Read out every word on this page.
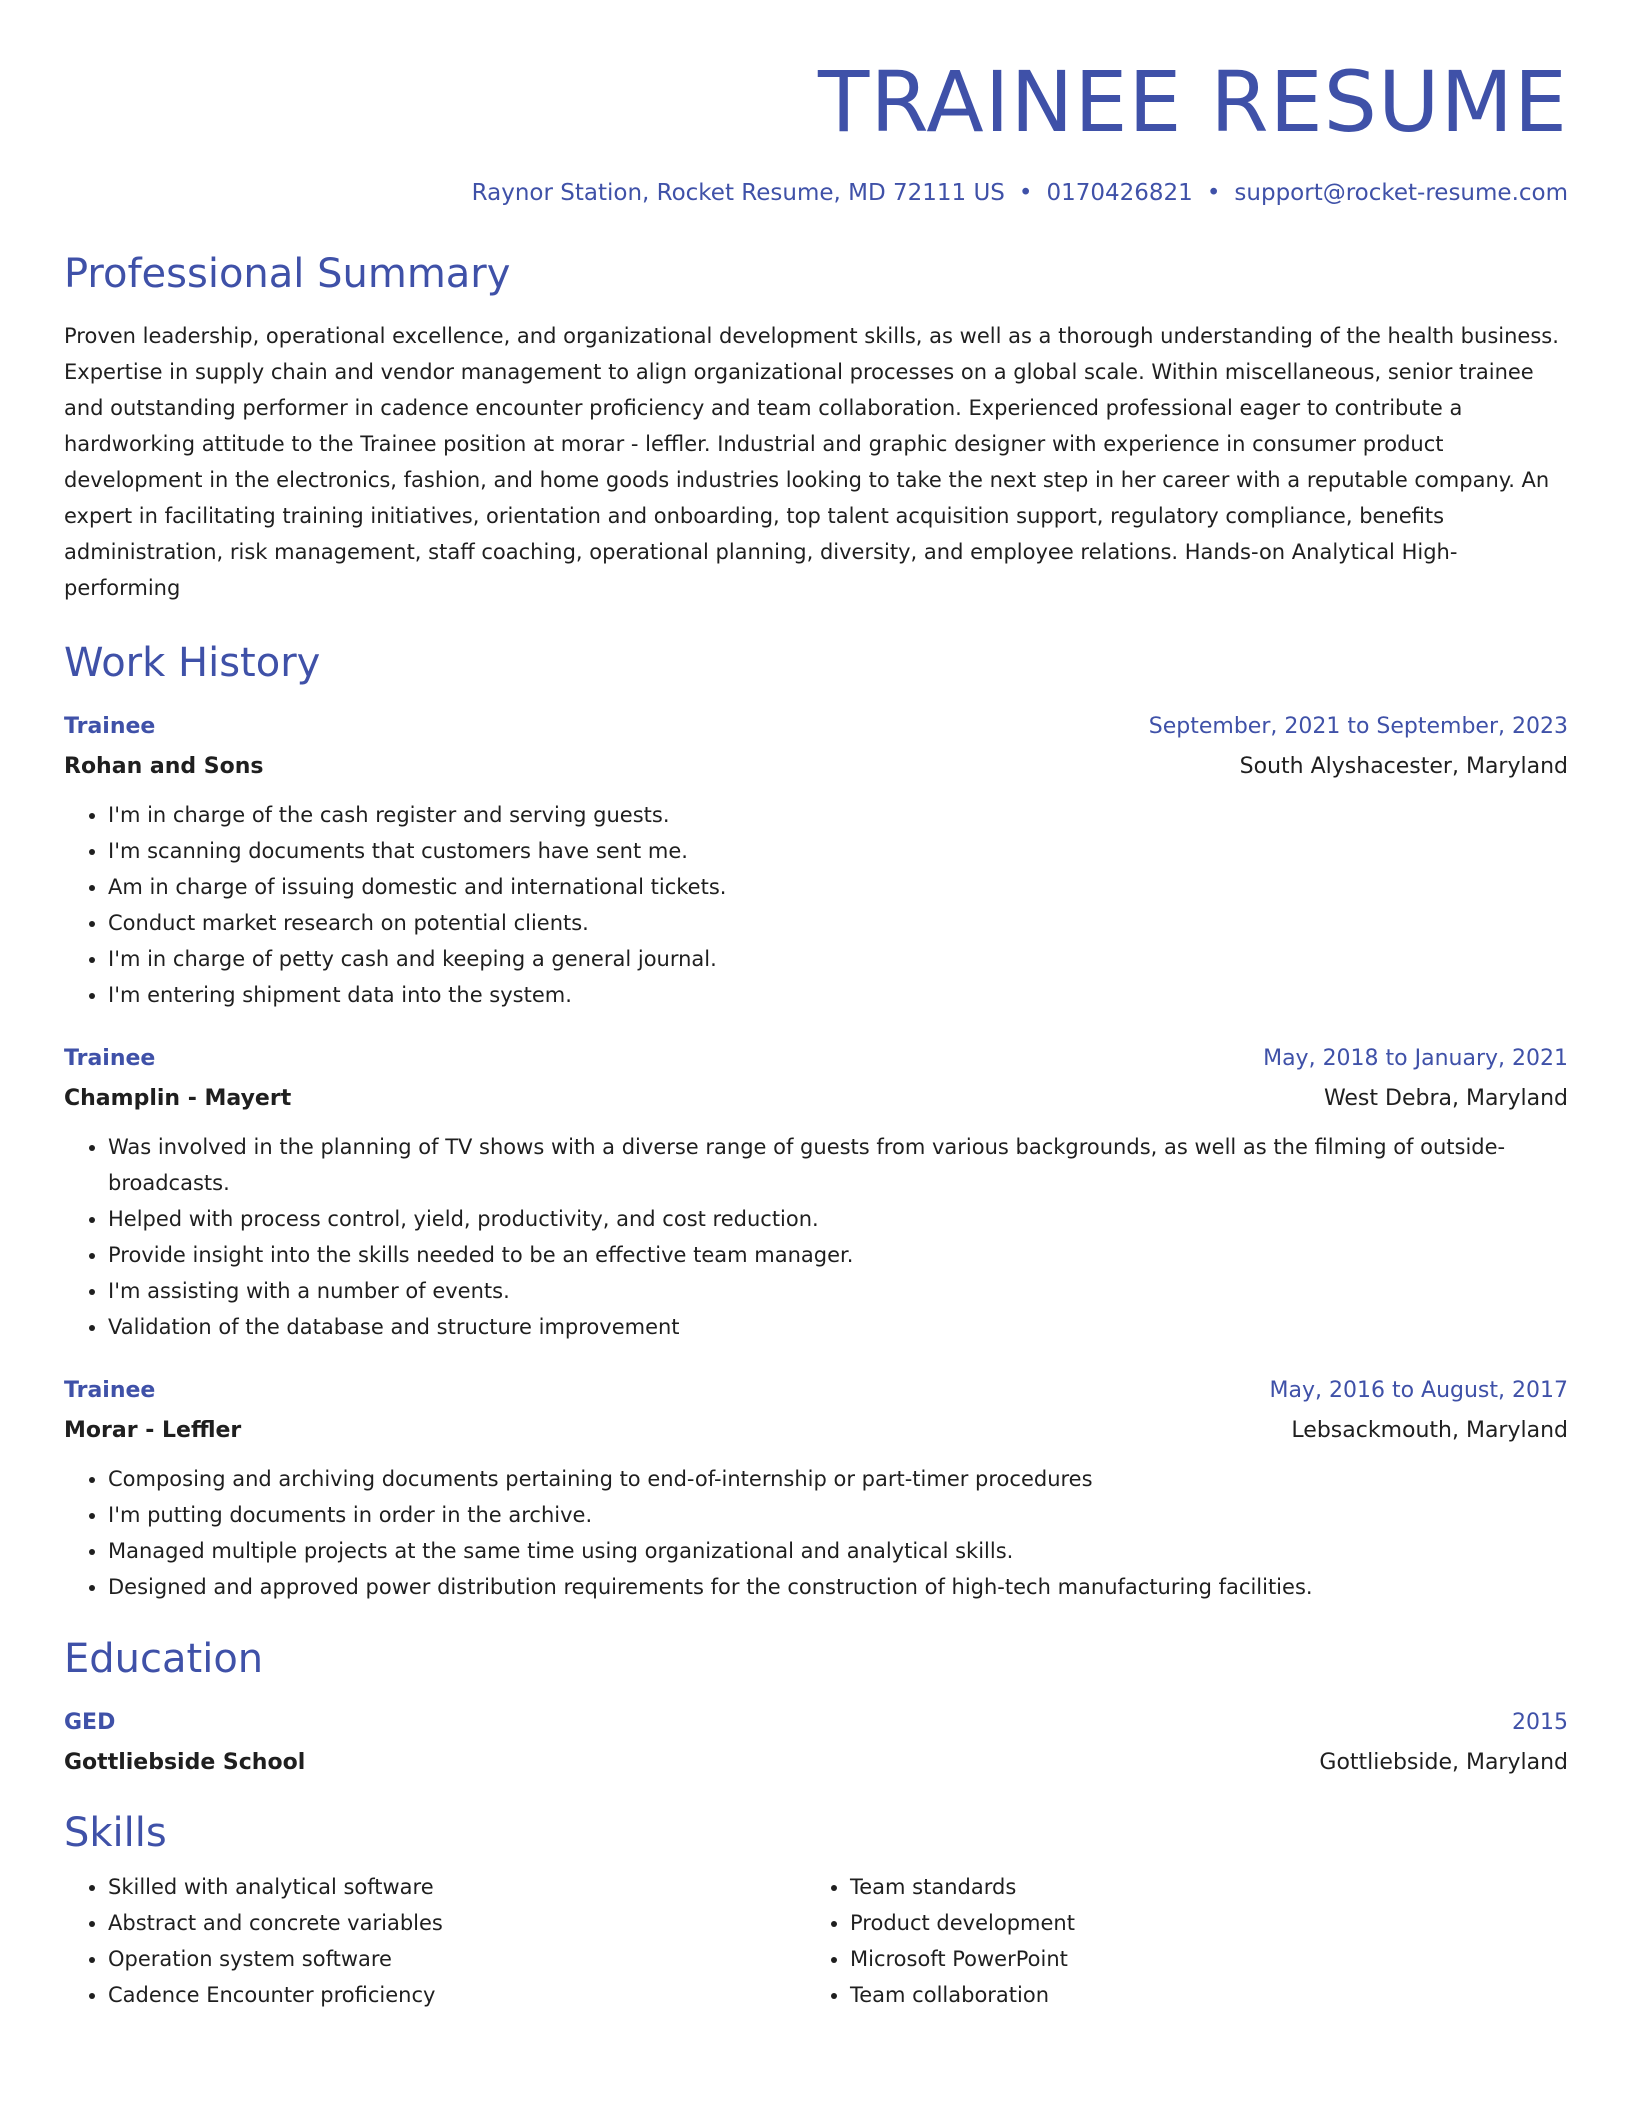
TRAINEE RESUME
Raynor Station, Rocket Resume, MD 72111 US • 0170426821 • support@rocket-resume.com
Professional Summary
Proven leadership, operational excellence, and organizational development skills, as well as a thorough understanding of the health business. Expertise in supply chain and vendor management to align organizational processes on a global scale. Within miscellaneous, senior trainee and outstanding performer in cadence encounter proficiency and team collaboration. Experienced professional eager to contribute a hardworking attitude to the Trainee position at morar - leffler. Industrial and graphic designer with experience in consumer product development in the electronics, fashion, and home goods industries looking to take the next step in her career with a reputable company. An expert in facilitating training initiatives, orientation and onboarding, top talent acquisition support, regulatory compliance, benefits administration, risk management, staff coaching, operational planning, diversity, and employee relations. Hands-on Analytical High-performing
Work History
Trainee	September, 2021 to September, 2023
Rohan and Sons	South Alyshacester, Maryland
• I'm in charge of the cash register and serving guests.
• I'm scanning documents that customers have sent me.
• Am in charge of issuing domestic and international tickets.
• Conduct market research on potential clients.
• I'm in charge of petty cash and keeping a general journal.
• I'm entering shipment data into the system.
Trainee	May, 2018 to January, 2021
Champlin - Mayert	West Debra, Maryland
• Was involved in the planning of TV shows with a diverse range of guests from various backgrounds, as well as the filming of outside-broadcasts.
• Helped with process control, yield, productivity, and cost reduction.
• Provide insight into the skills needed to be an effective team manager.
• I'm assisting with a number of events.
• Validation of the database and structure improvement
Trainee	May, 2016 to August, 2017
Morar - Leffler	Lebsackmouth, Maryland
• Composing and archiving documents pertaining to end-of-internship or part-timer procedures
• I'm putting documents in order in the archive.
• Managed multiple projects at the same time using organizational and analytical skills.
• Designed and approved power distribution requirements for the construction of high-tech manufacturing facilities.
Education
GED	2015
Gottliebside School	Gottliebside, Maryland
Skills
• Skilled with analytical software
• Abstract and concrete variables
• Operation system software
• Cadence Encounter proficiency
• Team standards
• Product development
• Microsoft PowerPoint
• Team collaboration
